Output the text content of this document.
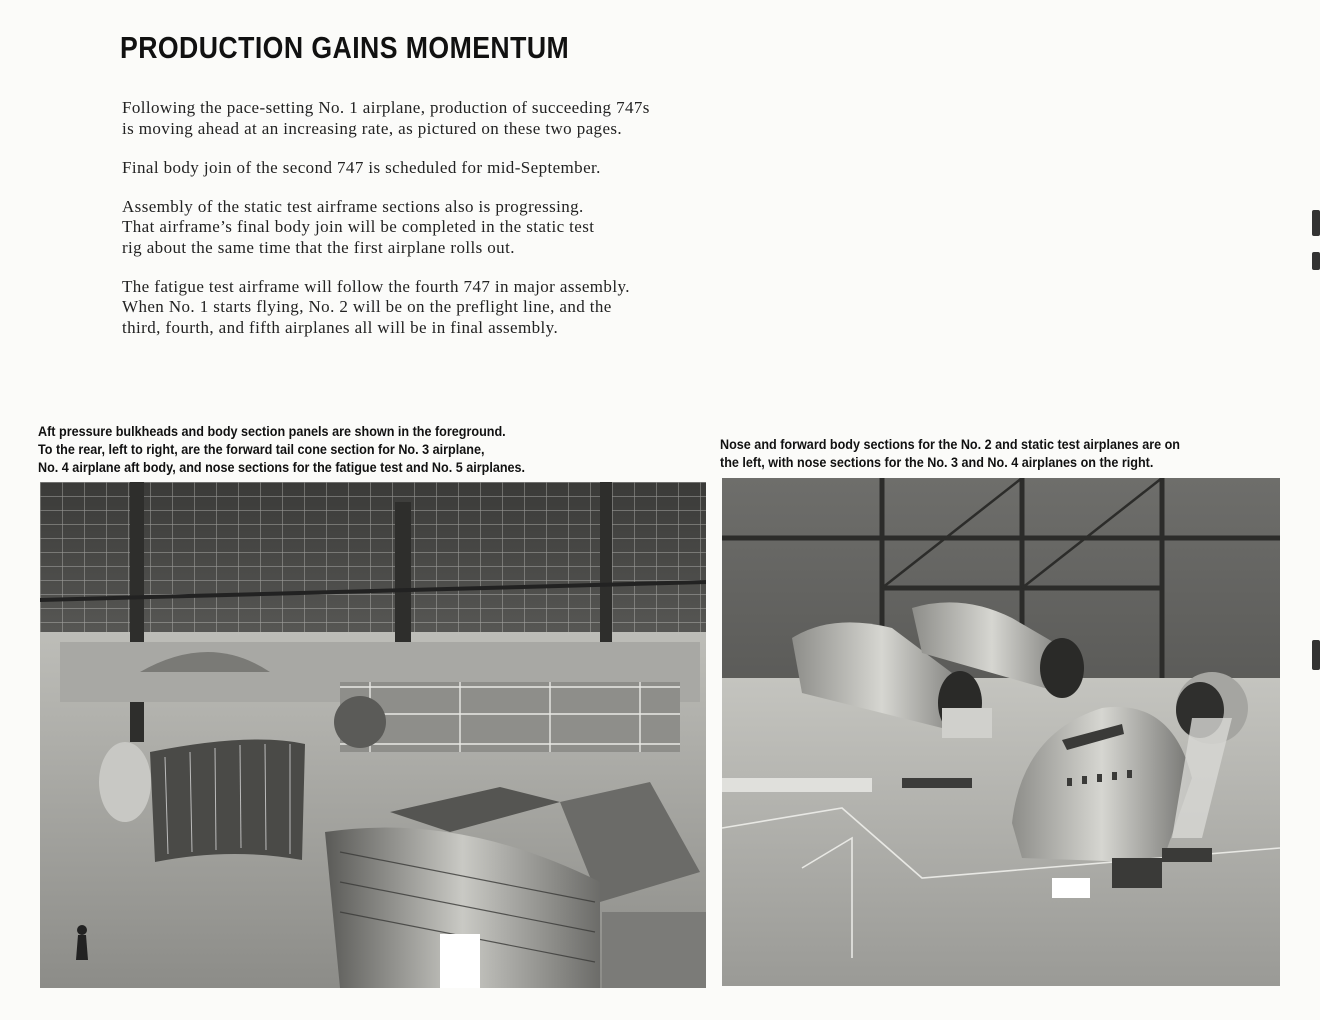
PRODUCTION GAINS MOMENTUM

Following the pace-setting No. 1 airplane, production of succeeding 747s
is moving ahead at an increasing rate, as pictured on these two pages.

Final body join of the second 747 is scheduled for mid-September.

Assembly of the static test airframe sections also is progressing.
That airframe’s final body join will be completed in the static test
rig about the same time that the first airplane rolls out.

The fatigue test airframe will follow the fourth 747 in major assembly.
When No. 1 starts flying, No. 2 will be on the preflight line, and the
third, fourth, and fifth airplanes all will be in final assembly.

Aft pressure bulkheads and body section panels are shown in the foreground.
To the rear, left to right, are the forward tail cone section for No. 3 airplane,
No. 4 airplane aft body, and nose sections for the fatigue test and No. 5 airplanes.
Nose and forward body sections for the No. 2 and static test airplanes are on
the left, with nose sections for the No. 3 and No. 4 airplanes on the right.
